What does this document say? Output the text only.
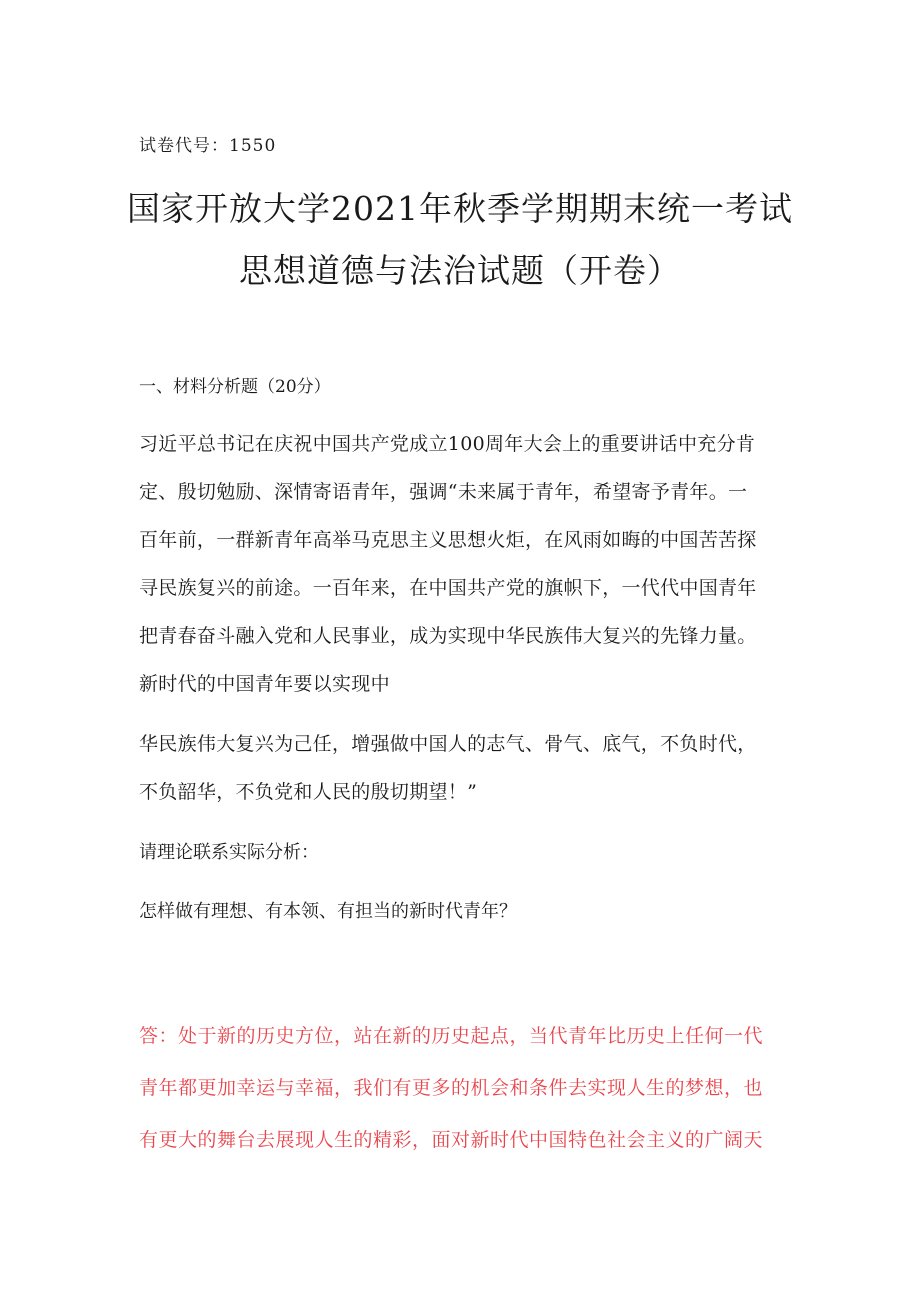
试卷代号：1550
国家开放大学2021年秋季学期期末统一考试
思想道德与法治试题（开卷）
一、材料分析题（20分）
习近平总书记在庆祝中国共产党成立100周年大会上的重要讲话中充分肯
定、殷切勉励、深情寄语青年，强调“未来属于青年，希望寄予青年。一
百年前，一群新青年高举马克思主义思想火炬，在风雨如晦的中国苦苦探
寻民族复兴的前途。一百年来，在中国共产党的旗帜下，一代代中国青年
把青春奋斗融入党和人民事业，成为实现中华民族伟大复兴的先锋力量。
新时代的中国青年要以实现中
华民族伟大复兴为己任，增强做中国人的志气、骨气、底气，不负时代，
不负韶华，不负党和人民的殷切期望！”
请理论联系实际分析：
怎样做有理想、有本领、有担当的新时代青年？
答：处于新的历史方位，站在新的历史起点，当代青年比历史上任何一代
青年都更加幸运与幸福，我们有更多的机会和条件去实现人生的梦想，也
有更大的舞台去展现人生的精彩，面对新时代中国特色社会主义的广阔天
